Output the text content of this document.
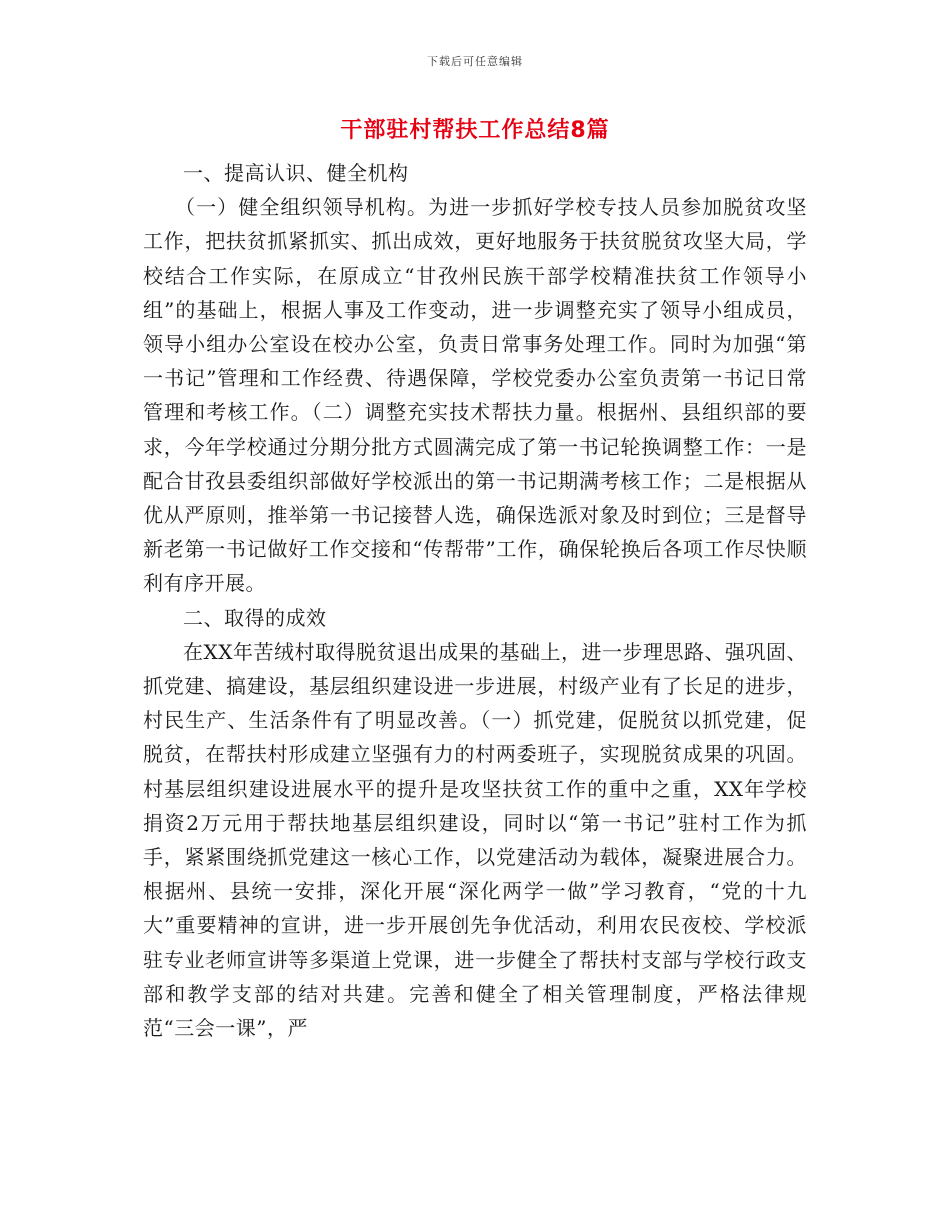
下载后可任意编辑
干部驻村帮扶工作总结8篇

一、提高认识、健全机构

（一）健全组织领导机构。为进一步抓好学校专技人员参加脱贫攻坚工作，把扶贫抓紧抓实、抓出成效，更好地服务于扶贫脱贫攻坚大局，学校结合工作实际，在原成立“甘孜州民族干部学校精准扶贫工作领导小组”的基础上，根据人事及工作变动，进一步调整充实了领导小组成员，领导小组办公室设在校办公室，负责日常事务处理工作。同时为加强“第一书记”管理和工作经费、待遇保障，学校党委办公室负责第一书记日常管理和考核工作。（二）调整充实技术帮扶力量。根据州、县组织部的要求，今年学校通过分期分批方式圆满完成了第一书记轮换调整工作：一是配合甘孜县委组织部做好学校派出的第一书记期满考核工作；二是根据从优从严原则，推举第一书记接替人选，确保选派对象及时到位；三是督导新老第一书记做好工作交接和“传帮带”工作，确保轮换后各项工作尽快顺利有序开展。

二、取得的成效

在XX年苦绒村取得脱贫退出成果的基础上，进一步理思路、强巩固、抓党建、搞建设，基层组织建设进一步进展，村级产业有了长足的进步，村民生产、生活条件有了明显改善。（一）抓党建，促脱贫以抓党建，促脱贫，在帮扶村形成建立坚强有力的村两委班子，实现脱贫成果的巩固。村基层组织建设进展水平的提升是攻坚扶贫工作的重中之重，XX年学校捐资2万元用于帮扶地基层组织建设，同时以“第一书记”驻村工作为抓手，紧紧围绕抓党建这一核心工作，以党建活动为载体，凝聚进展合力。根据州、县统一安排，深化开展“深化两学一做”学习教育，“党的十九大”重要精神的宣讲，进一步开展创先争优活动，利用农民夜校、学校派驻专业老师宣讲等多渠道上党课，进一步健全了帮扶村支部与学校行政支部和教学支部的结对共建。完善和健全了相关管理制度，严格法律规范“三会一课”，严
